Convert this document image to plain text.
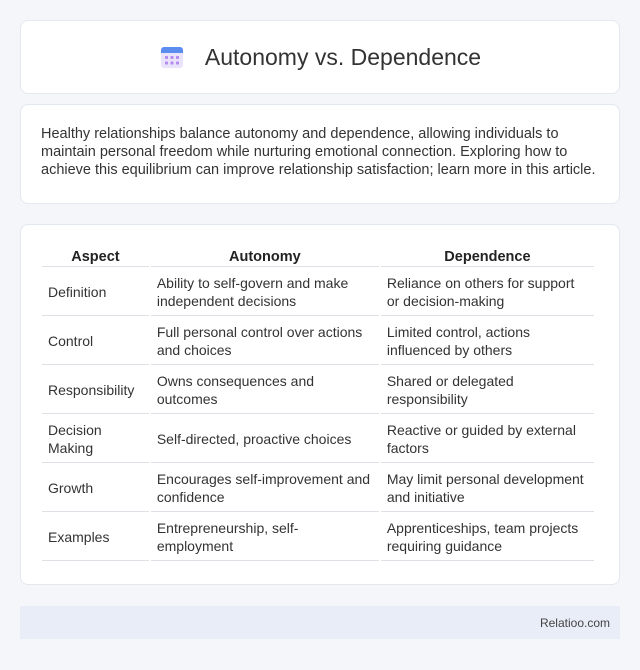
Autonomy vs. Dependence

Healthy relationships balance autonomy and dependence, allowing individuals to maintain personal freedom while nurturing emotional connection. Exploring how to achieve this equilibrium can improve relationship satisfaction; learn more in this article.

Aspect	Autonomy	Dependence
Definition	Ability to self-govern and make independent decisions	Reliance on others for support or decision-making
Control	Full personal control over actions and choices	Limited control, actions influenced by others
Responsibility	Owns consequences and outcomes	Shared or delegated responsibility
Decision Making	Self-directed, proactive choices	Reactive or guided by external factors
Growth	Encourages self-improvement and confidence	May limit personal development and initiative
Examples	Entrepreneurship, self-employment	Apprenticeships, team projects requiring guidance
Relatioo.com
